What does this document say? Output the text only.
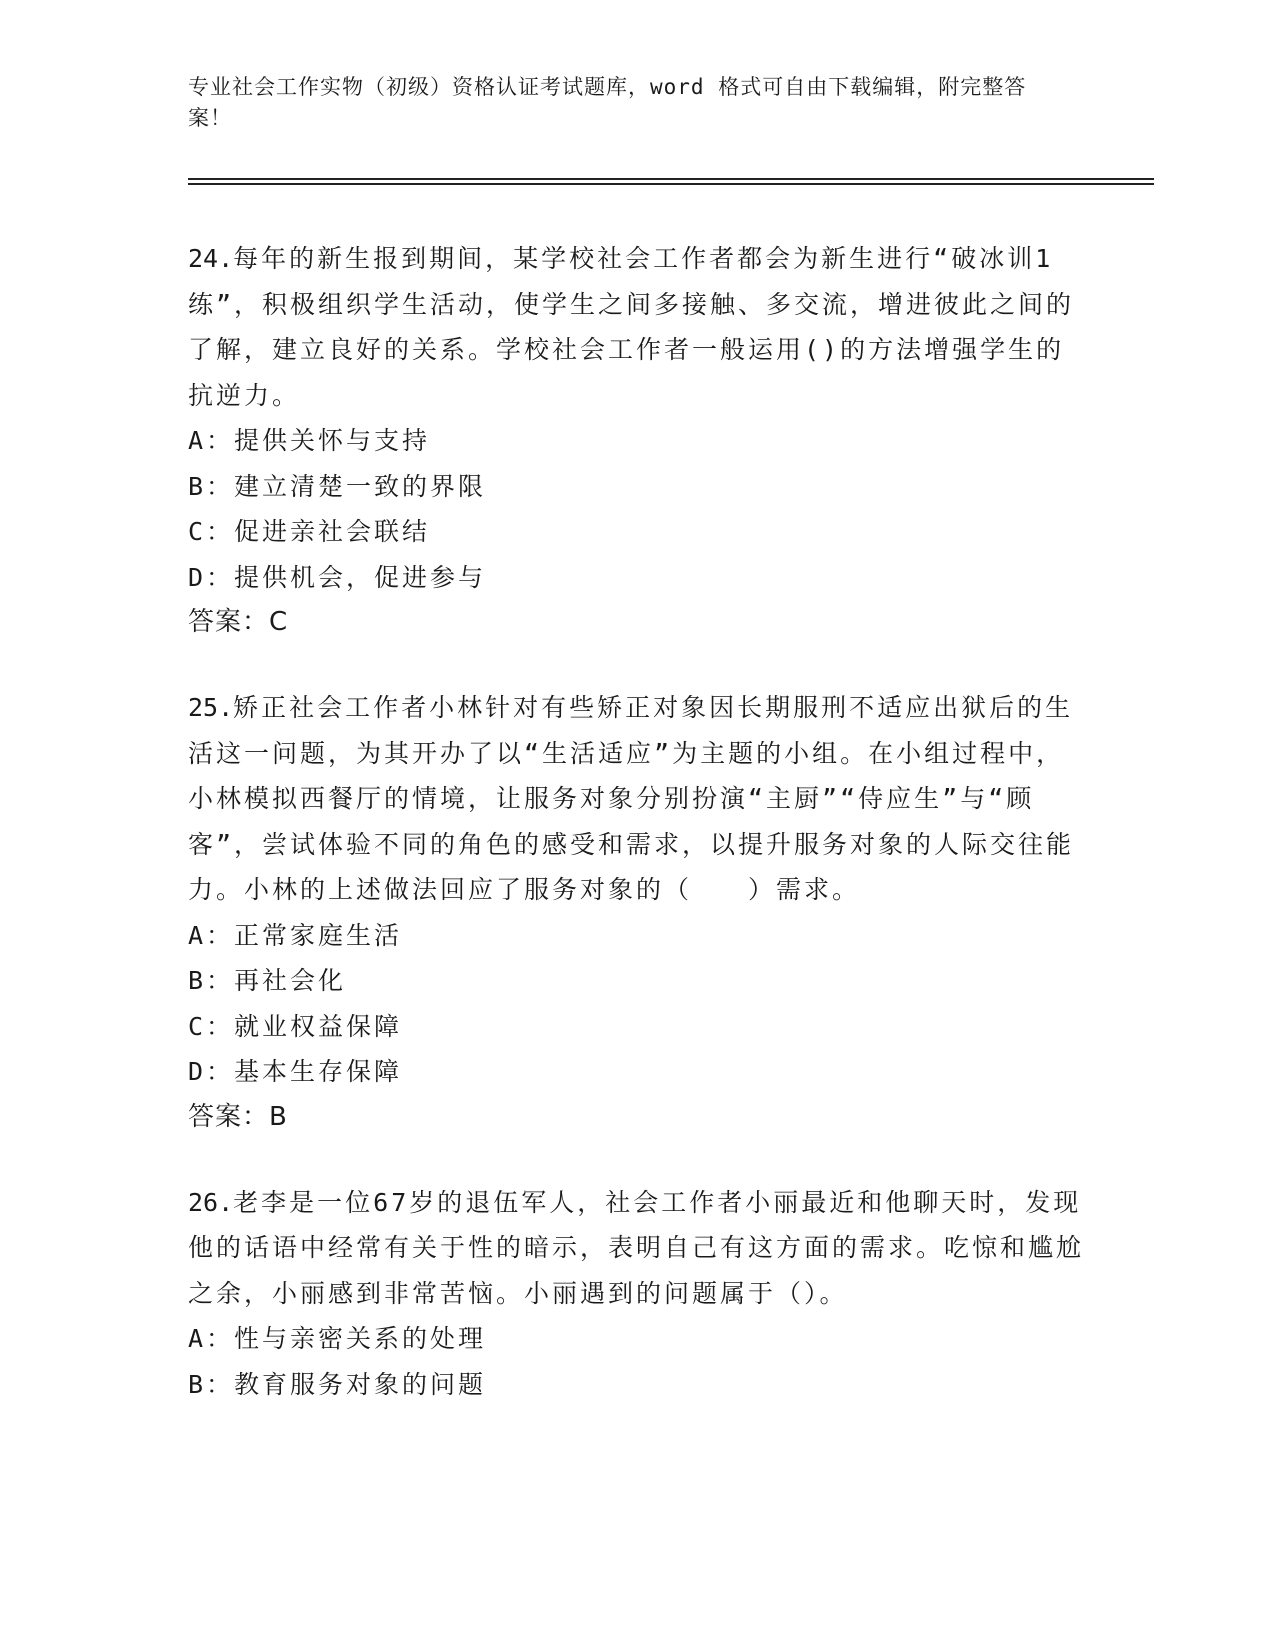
专业社会工作实物（初级）资格认证考试题库，word 格式可自由下载编辑，附完整答案！

24.每年的新生报到期间，某学校社会工作者都会为新生进行“破冰训1练”，积极组织学生活动，使学生之间多接触、多交流，增进彼此之间的了解，建立良好的关系。学校社会工作者一般运用()的方法增强学生的抗逆力。

A：提供关怀与支持

B：建立清楚一致的界限

C：促进亲社会联结

D：提供机会，促进参与

答案：C

25.矫正社会工作者小林针对有些矫正对象因长期服刑不适应出狱后的生活这一问题，为其开办了以“生活适应”为主题的小组。在小组过程中，小林模拟西餐厅的情境，让服务对象分别扮演“主厨”“侍应生”与“顾客”，尝试体验不同的角色的感受和需求，以提升服务对象的人际交往能力。小林的上述做法回应了服务对象的（　　）需求。

A：正常家庭生活

B：再社会化

C：就业权益保障

D：基本生存保障

答案：B

26.老李是一位67岁的退伍军人，社会工作者小丽最近和他聊天时，发现他的话语中经常有关于性的暗示，表明自己有这方面的需求。吃惊和尴尬之余，小丽感到非常苦恼。小丽遇到的问题属于（）。

A：性与亲密关系的处理

B：教育服务对象的问题
